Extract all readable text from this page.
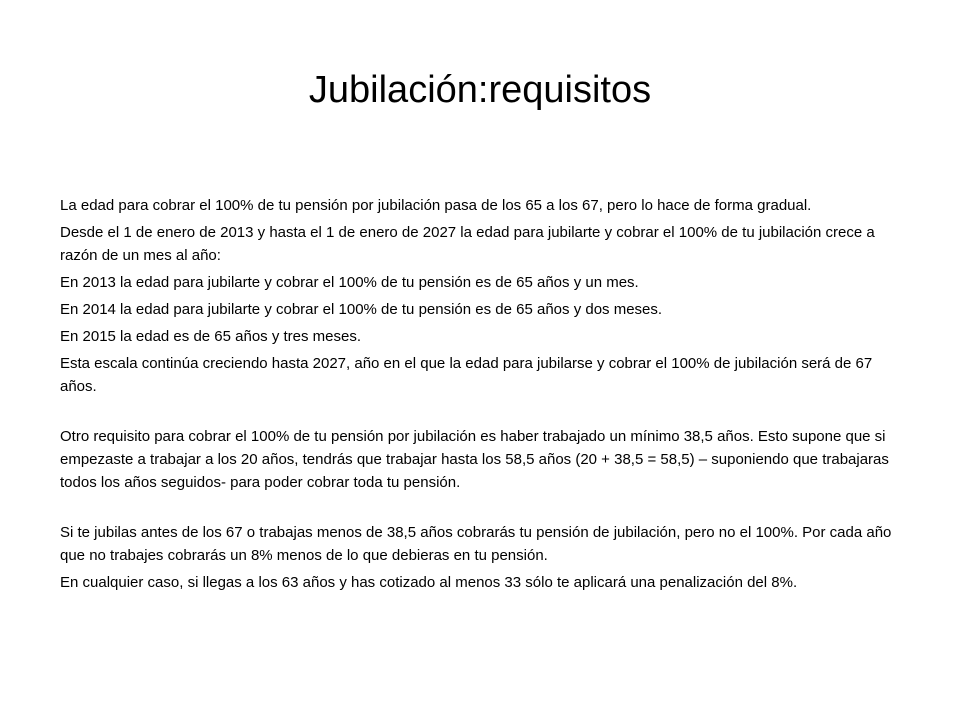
Jubilación:requisitos

La edad para cobrar el 100% de tu pensión por jubilación pasa de los 65 a los 67, pero lo hace de forma gradual.

Desde el 1 de enero de 2013 y hasta el 1 de enero de 2027 la edad para jubilarte y cobrar el 100% de tu jubilación crece a razón de un mes al año:

En 2013 la edad para jubilarte y cobrar el 100% de tu pensión es de 65 años y un mes.

En 2014 la edad para jubilarte y cobrar el 100% de tu pensión es de 65 años y dos meses.

En 2015 la edad es de 65 años y tres meses.

Esta escala continúa creciendo hasta 2027, año en el que la edad para jubilarse y cobrar el 100% de jubilación será de 67 años.

Otro requisito para cobrar el 100% de tu pensión por jubilación es haber trabajado un mínimo 38,5 años. Esto supone que si empezaste a trabajar a los 20 años, tendrás que trabajar hasta los 58,5 años (20 + 38,5 = 58,5) – suponiendo que trabajaras todos los años seguidos- para poder cobrar toda tu pensión.

Si te jubilas antes de los 67 o trabajas menos de 38,5 años cobrarás tu pensión de jubilación, pero no el 100%. Por cada año que no trabajes cobrarás un 8% menos de lo que debieras en tu pensión.

En cualquier caso, si llegas a los 63 años y has cotizado al menos 33 sólo te aplicará una penalización del 8%.
